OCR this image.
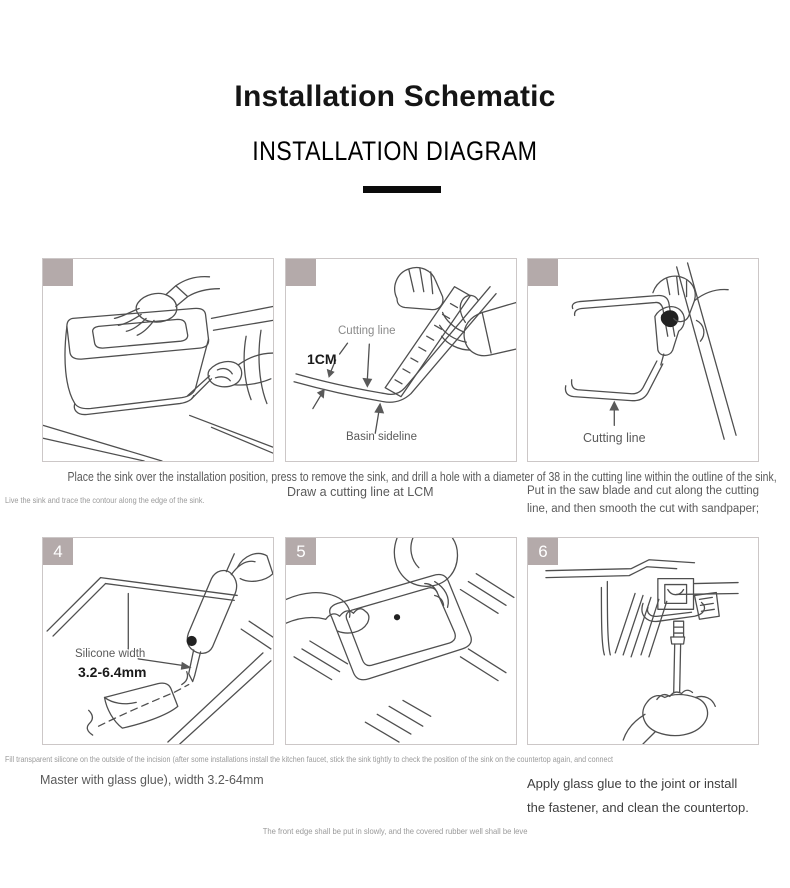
Installation Schematic
INSTALLATION DIAGRAM
Cutting line
1CM
Basin sideline	Cutting line
4
Silicone width
3.2-6.4mm
5	6
Place the sink over the installation position, press to remove the sink, and drill a hole with a diameter of 38 in the cutting line within the outline of the sink,
Live the sink and trace the contour along the edge of the sink.
Draw a cutting line at LCM	Put in the saw blade and cut along the cutting
line, and then smooth the cut with sandpaper;
Fill transparent silicone on the outside of the incision (after some installations install the kitchen faucet, stick the sink tightly to check the position of the sink on the countertop again, and connect
Master with glass glue), width 3.2-64mm	Apply glass glue to the joint or install
the fastener, and clean the countertop.
The front edge shall be put in slowly, and the covered rubber well shall be leve
